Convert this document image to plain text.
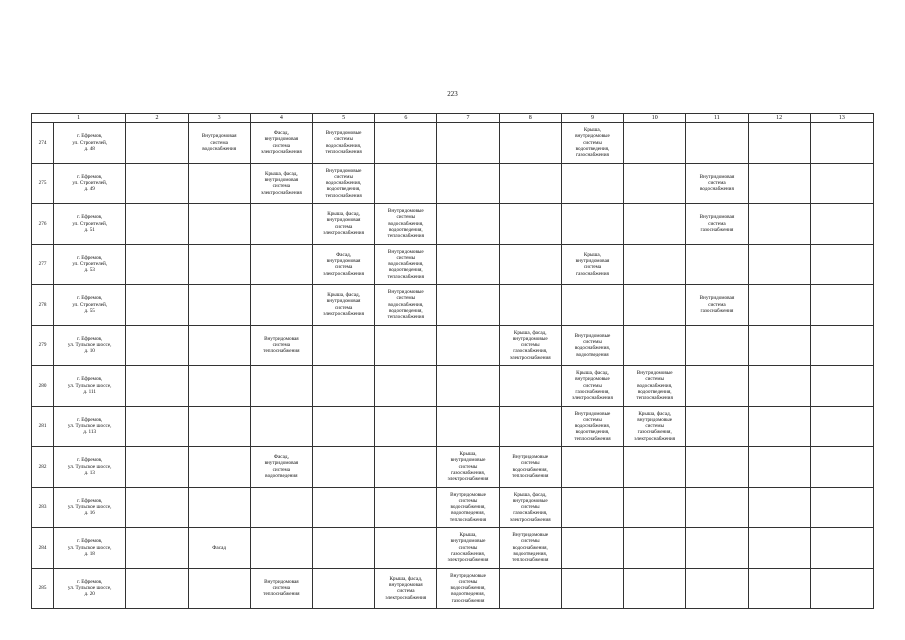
223
1		2	3	4	5	6	7	8	9	10	11	12	13
274	г. Ефремов,
ул. Строителей,
д. 48		Внутридомовая
система
водоснабжения	Фасад,
внутридомовая
система
электроснабжения	Внутридомовые
системы
водоснабжения,
теплоснабжения				Крыша,
внутридомовые
системы
водоотведения,
газоснабжения				
275	г. Ефремов,
ул. Строителей,
д. 49			Крыша, фасад,
внутридомовая
система
электроснабжения	Внутридомовые
системы
водоснабжения,
водоотведения,
теплоснабжения						Внутридомовая
система
водоснабжения		
276	г. Ефремов,
ул. Строителей,
д. 51				Крыша, фасад,
внутридомовая
система
электроснабжения	Внутридомовые
системы
водоснабжения,
водоотведения,
теплоснабжения					Внутридомовая
система
газоснабжения		
277	г. Ефремов,
ул. Строителей,
д. 53				Фасад,
внутридомовая
система
электроснабжения	Внутридомовые
системы
водоснабжения,
водоотведения,
теплоснабжения			Крыша,
внутридомовая
система
газоснабжения				
278	г. Ефремов,
ул. Строителей,
д. 55				Крыша, фасад,
внутридомовая
система
электроснабжения	Внутридомовые
системы
водоснабжения,
водоотведения,
теплоснабжения					Внутридомовая
система
газоснабжения		
279	г. Ефремов,
ул. Тульское шоссе,
д. 10			Внутридомовая
система
теплоснабжения				Крыша, фасад,
внутридомовые
системы
газоснабжения,
электроснабжения	Внутридомовые
системы
водоснабжения,
водоотведения				
280	г. Ефремов,
ул. Тульское шоссе,
д. 111								Крыша, фасад,
внутридомовые
системы
газоснабжения,
электроснабжения	Внутридомовые
системы
водоснабжения,
водоотведения,
теплоснабжения			
281	г. Ефремов,
ул. Тульское шоссе,
д. 113								Внутридомовые
системы
водоснабжения,
водоотведения,
теплоснабжения	Крыша, фасад,
внутридомовые
системы
газоснабжения,
электроснабжения			
282	г. Ефремов,
ул. Тульское шоссе,
д. 13			Фасад,
внутридомовая
система
водоотведения			Крыша,
внутридомовые
системы
газоснабжения,
электроснабжения	Внутридомовые
системы
водоснабжения,
теплоснабжения					
283	г. Ефремов,
ул. Тульское шоссе,
д. 16						Внутридомовые
системы
водоснабжения,
водоотведения,
теплоснабжения	Крыша, фасад,
внутридомовые
системы
газоснабжения,
электроснабжения					
284	г. Ефремов,
ул. Тульское шоссе,
д. 18		Фасад				Крыша,
внутридомовые
системы
газоснабжения,
электроснабжения	Внутридомовые
системы
водоснабжения,
водоотведения,
теплоснабжения					
285	г. Ефремов,
ул. Тульское шоссе,
д. 20			Внутридомовая
система
теплоснабжения		Крыша, фасад,
внутридомовая
система
электроснабжения	Внутридомовые
системы
водоснабжения,
водоотведения,
газоснабжения						
